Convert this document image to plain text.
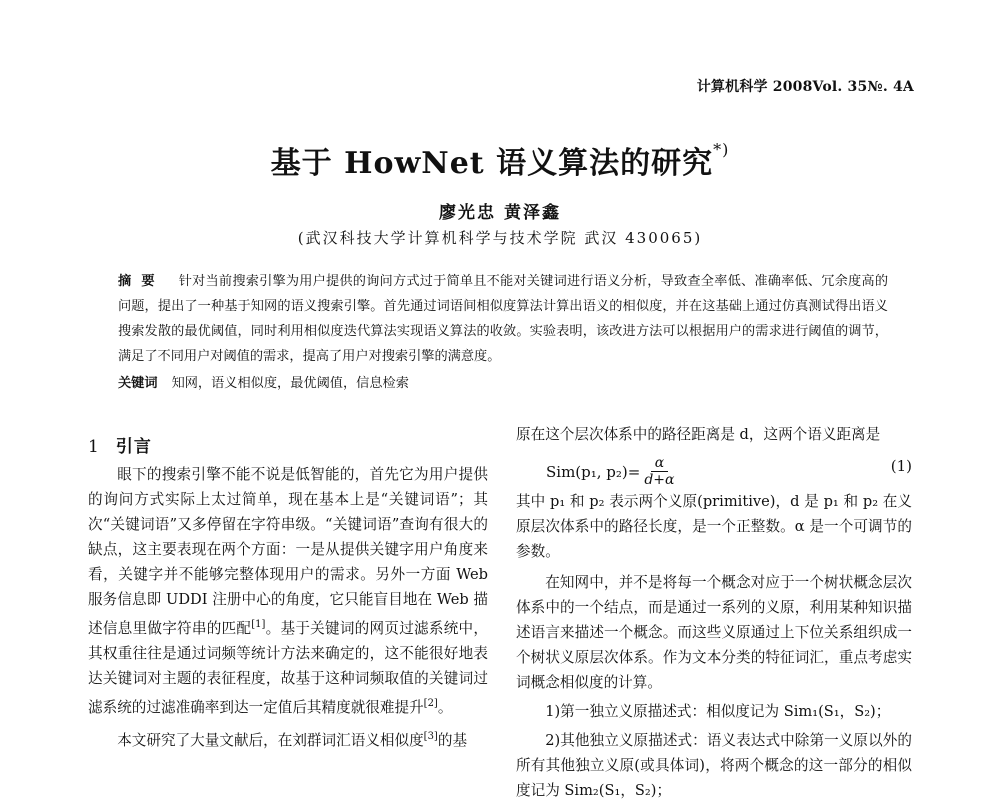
计算机科学 2008Vol. 35№. 4A
基于 HowNet 语义算法的研究*)
廖光忠 黄泽鑫
(武汉科技大学计算机科学与技术学院 武汉 430065)
摘要 针对当前搜索引擎为用户提供的询问方式过于简单且不能对关键词进行语义分析，导致查全率低、准确率低、冗余度高的问题，提出了一种基于知网的语义搜索引擎。首先通过词语间相似度算法计算出语义的相似度，并在这基础上通过仿真测试得出语义搜索发散的最优阈值，同时利用相似度迭代算法实现语义算法的收敛。实验表明，该改进方法可以根据用户的需求进行阈值的调节，满足了不同用户对阈值的需求，提高了用户对搜索引擎的满意度。
关键词 知网，语义相似度，最优阈值，信息检索
1 引言

眼下的搜索引擎不能不说是低智能的，首先它为用户提供的询问方式实际上太过简单，现在基本上是“关键词语”；其次“关键词语”又多停留在字符串级。“关键词语”查询有很大的缺点，这主要表现在两个方面：一是从提供关键字用户角度来看，关键字并不能够完整体现用户的需求。另外一方面 Web 服务信息即 UDDI 注册中心的角度，它只能盲目地在 Web 描述信息里做字符串的匹配[1]。基于关键词的网页过滤系统中，其权重往往是通过词频等统计方法来确定的，这不能很好地表达关键词对主题的表征程度，故基于这种词频取值的关键词过滤系统的过滤准确率到达一定值后其精度就很难提升[2]。

本文研究了大量文献后，在刘群词汇语义相似度[3]的基

原在这个层次体系中的路径距离是 d，这两个语义距离是
Sim(p₁, $p_2)= \frac{\alpha}{d+\alpha}$	(1)

其中 p₁ 和 p₂ 表示两个义原(primitive)，d 是 p₁ 和 p₂ 在义原层次体系中的路径长度，是一个正整数。α 是一个可调节的参数。

在知网中，并不是将每一个概念对应于一个树状概念层次体系中的一个结点，而是通过一系列的义原，利用某种知识描述语言来描述一个概念。而这些义原通过上下位关系组织成一个树状义原层次体系。作为文本分类的特征词汇，重点考虑实词概念相似度的计算。

1)第一独立义原描述式：相似度记为 Sim₁(S₁，S₂)；

2)其他独立义原描述式：语义表达式中除第一义原以外的所有其他独立义原(或具体词)，将两个概念的这一部分的相似度记为 Sim₂(S₁，S₂)；
